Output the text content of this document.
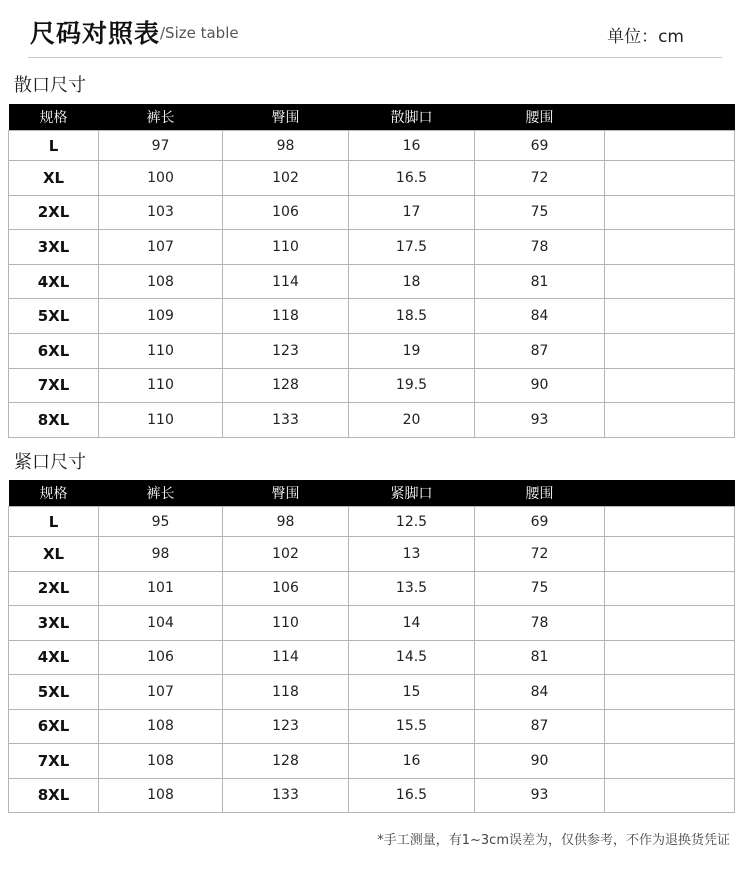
尺码对照表 /Size table	单位：cm
散口尺寸
规格	裤长	臀围	散脚口	腰围	
L	97	98	16	69	
XL	100	102	16.5	72	
2XL	103	106	17	75	
3XL	107	110	17.5	78	
4XL	108	114	18	81	
5XL	109	118	18.5	84	
6XL	110	123	19	87	
7XL	110	128	19.5	90	
8XL	110	133	20	93	
紧口尺寸
规格	裤长	臀围	紧脚口	腰围	
L	95	98	12.5	69	
XL	98	102	13	72	
2XL	101	106	13.5	75	
3XL	104	110	14	78	
4XL	106	114	14.5	81	
5XL	107	118	15	84	
6XL	108	123	15.5	87	
7XL	108	128	16	90	
8XL	108	133	16.5	93	
*手工测量，有1~3cm误差为，仅供参考，不作为退换货凭证
